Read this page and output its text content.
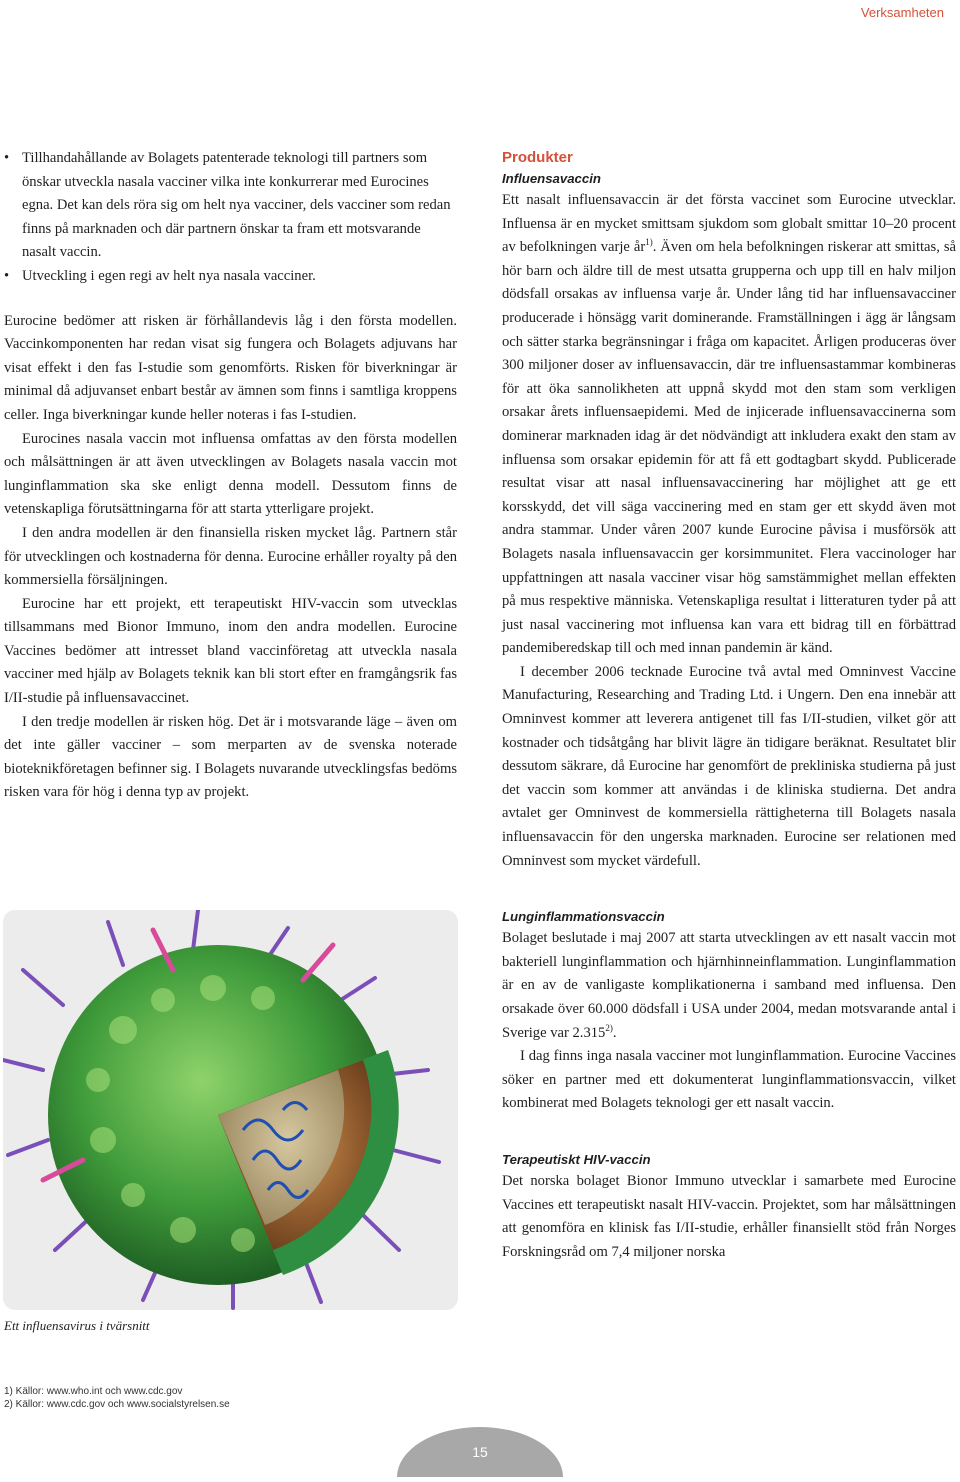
Verksamheten
• Tillhandahållande av Bolagets patenterade teknologi till partners som önskar utveckla nasala vacciner vilka inte konkurrerar med Eurocines egna. Det kan dels röra sig om helt nya vacciner, dels vacciner som redan finns på marknaden och där partnern önskar ta fram ett motsvarande nasalt vaccin.
• Utveckling i egen regi av helt nya nasala vacciner.

Eurocine bedömer att risken är förhållandevis låg i den första modellen. Vaccinkomponenten har redan visat sig fungera och Bolagets adjuvans har visat effekt i den fas I-studie som genomförts. Risken för biverkningar är minimal då adjuvanset enbart består av ämnen som finns i samtliga kroppens celler. Inga biverkningar kunde heller noteras i fas I-studien.

Eurocines nasala vaccin mot influensa omfattas av den första modellen och målsättningen är att även utvecklingen av Bolagets nasala vaccin mot lunginflammation ska ske enligt denna modell. Dessutom finns de vetenskapliga förutsättningarna för att starta ytterligare projekt.

I den andra modellen är den finansiella risken mycket låg. Partnern står för utvecklingen och kostnaderna för denna. Eurocine erhåller royalty på den kommersiella försäljningen.

Eurocine har ett projekt, ett terapeutiskt HIV-vaccin som utvecklas tillsammans med Bionor Immuno, inom den andra modellen. Eurocine Vaccines bedömer att intresset bland vaccinföretag att utveckla nasala vacciner med hjälp av Bolagets teknik kan bli stort efter en framgångsrik fas I/II-studie på influensavaccinet.

I den tredje modellen är risken hög. Det är i motsvarande läge – även om det inte gäller vacciner – som merparten av de svenska noterade bioteknikföretagen befinner sig. I Bolagets nuvarande utvecklingsfas bedöms risken vara för hög i denna typ av projekt.

Ett influensavirus i tvärsnitt
Produkter
Influensavaccin

Ett nasalt influensavaccin är det första vaccinet som Eurocine utvecklar. Influensa är en mycket smittsam sjukdom som globalt smittar 10–20 procent av befolkningen varje $år^{1)}$. Även om hela befolkningen riskerar att smittas, så hör barn och äldre till de mest utsatta grupperna och upp till en halv miljon dödsfall orsakas av influensa varje år. Under lång tid har influensavacciner producerade i hönsägg varit dominerande. Framställningen i ägg är långsam och sätter starka begränsningar i fråga om kapacitet. Årligen produceras över 300 miljoner doser av influensavaccin, där tre influensastammar kombineras för att öka sannolikheten att uppnå skydd mot den stam som verkligen orsakar årets influensaepidemi. Med de injicerade influensavaccinerna som dominerar marknaden idag är det nödvändigt att inkludera exakt den stam av influensa som orsakar epidemin för att få ett godtagbart skydd. Publicerade resultat visar att nasal influensavaccinering har möjlighet att ge ett korsskydd, det vill säga vaccinering med en stam ger ett skydd även mot andra stammar. Under våren 2007 kunde Eurocine påvisa i musförsök att Bolagets nasala influensavaccin ger korsimmunitet. Flera vaccinologer har uppfattningen att nasala vacciner visar hög samstämmighet mellan effekten på mus respektive människa. Vetenskapliga resultat i litteraturen tyder på att just nasal vaccinering mot influensa kan vara ett bidrag till en förbättrad pandemiberedskap till och med innan pandemin är känd.

I december 2006 tecknade Eurocine två avtal med Omninvest Vaccine Manufacturing, Researching and Trading Ltd. i Ungern. Den ena innebär att Omninvest kommer att leverera antigenet till fas I/II-studien, vilket gör att kostnader och tidsåtgång har blivit lägre än tidigare beräknat. Resultatet blir dessutom säkrare, då Eurocine har genomfört de prekliniska studierna på just det vaccin som kommer att användas i de kliniska studierna. Det andra avtalet ger Omninvest de kommersiella rättigheterna till Bolagets nasala influensavaccin för den ungerska marknaden. Eurocine ser relationen med Omninvest som mycket värdefull.

Lunginflammationsvaccin

Bolaget beslutade i maj 2007 att starta utvecklingen av ett nasalt vaccin mot bakteriell lunginflammation och hjärnhinneinflammation. Lunginflammation är en av de vanligaste komplikationerna i samband med influensa. Den orsakade över 60.000 dödsfall i USA under 2004, medan motsvarande antal i Sverige var 2.315$^{2)}$.

I dag finns inga nasala vacciner mot lunginflammation. Eurocine Vaccines söker en partner med ett dokumenterat lunginflammationsvaccin, vilket kombinerat med Bolagets teknologi ger ett nasalt vaccin.

Terapeutiskt HIV-vaccin

Det norska bolaget Bionor Immuno utvecklar i samarbete med Eurocine Vaccines ett terapeutiskt nasalt HIV-vaccin. Projektet, som har målsättningen att genomföra en klinisk fas I/II-studie, erhåller finansiellt stöd från Norges Forskningsråd om 7,4 miljoner norska

1) Källor: www.who.int och www.cdc.gov
2) Källor: www.cdc.gov och www.socialstyrelsen.se
15
